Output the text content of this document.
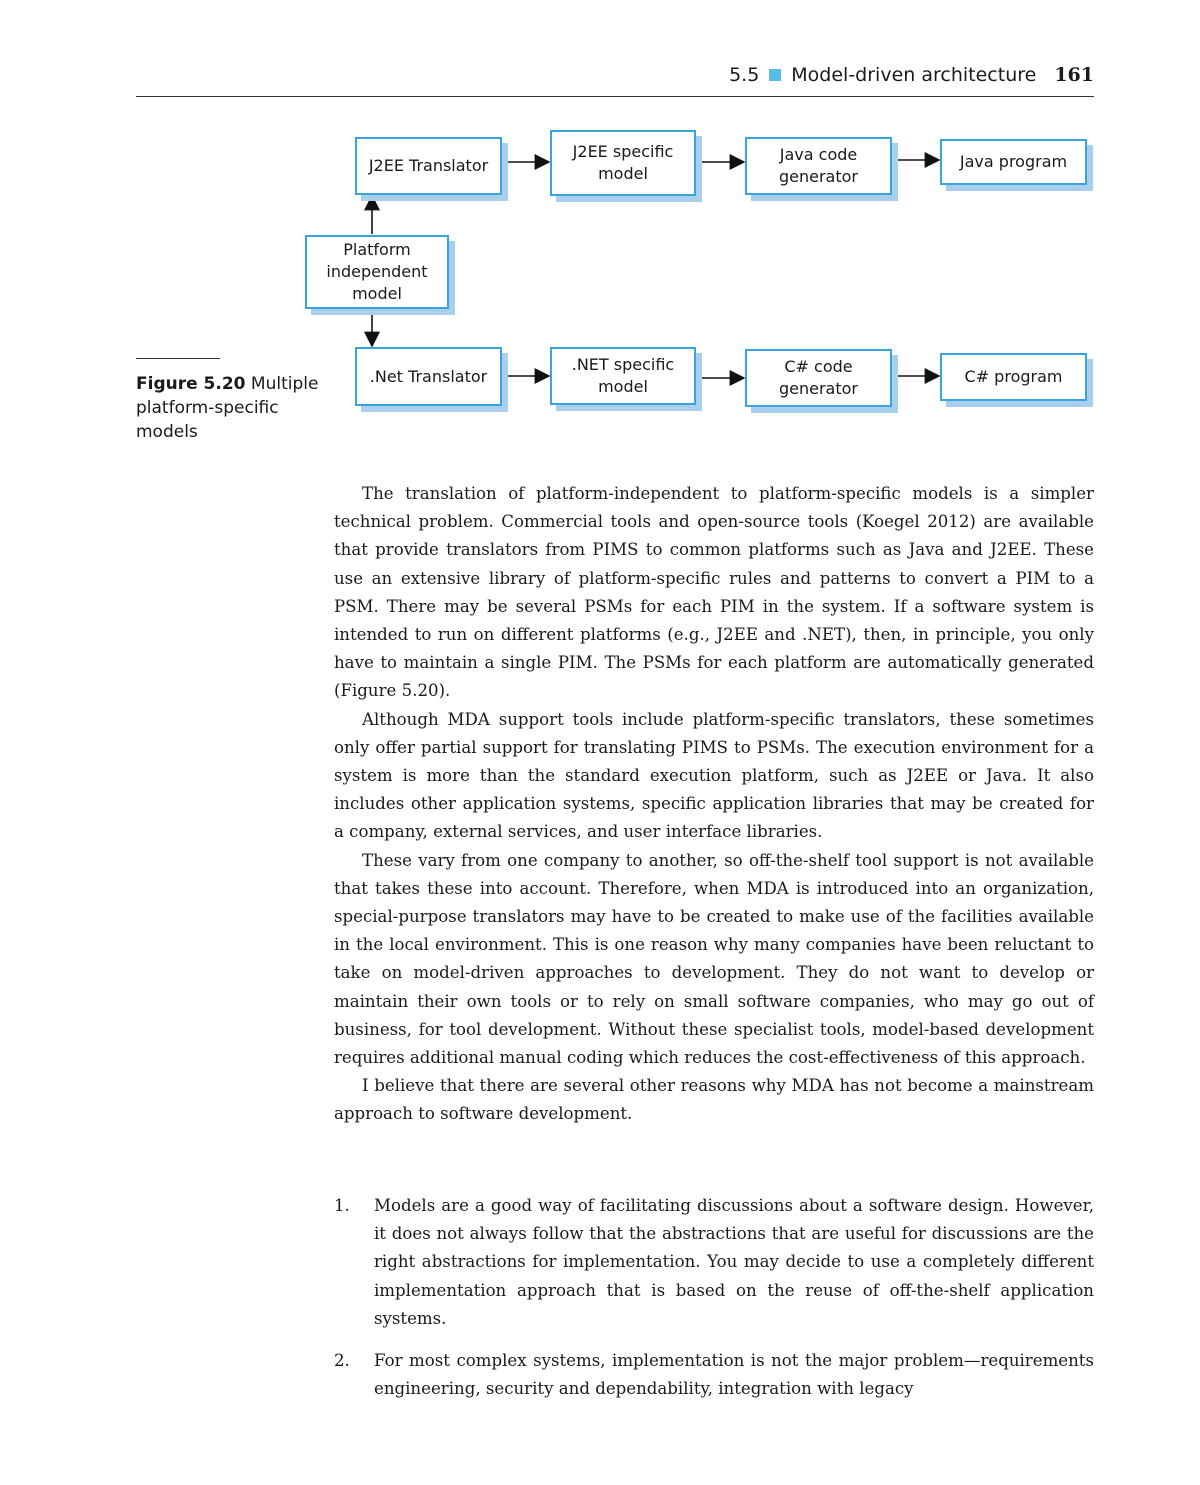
5.5 Model-driven architecture 161
J2EE Translator
J2EE specific
model
Java code
generator
Java program
Platform
independent
model
.Net Translator
.NET specific
model
C# code
generator
C# program
Figure 5.20 Multiple platform-specific models

The translation of platform-independent to platform-specific models is a simpler technical problem. Commercial tools and open-source tools (Koegel 2012) are available that provide translators from PIMS to common platforms such as Java and J2EE. These use an extensive library of platform-specific rules and patterns to convert a PIM to a PSM. There may be several PSMs for each PIM in the system. If a software system is intended to run on different platforms (e.g., J2EE and .NET), then, in principle, you only have to maintain a single PIM. The PSMs for each platform are automatically generated (Figure 5.20).

Although MDA support tools include platform-specific translators, these sometimes only offer partial support for translating PIMS to PSMs. The execution environment for a system is more than the standard execution platform, such as J2EE or Java. It also includes other application systems, specific application libraries that may be created for a company, external services, and user interface libraries.

These vary from one company to another, so off-the-shelf tool support is not available that takes these into account. Therefore, when MDA is introduced into an organization, special-purpose translators may have to be created to make use of the facilities available in the local environment. This is one reason why many companies have been reluctant to take on model-driven approaches to development. They do not want to develop or maintain their own tools or to rely on small software companies, who may go out of business, for tool development. Without these specialist tools, model-based development requires additional manual coding which reduces the cost-effectiveness of this approach.

I believe that there are several other reasons why MDA has not become a mainstream approach to software development.

1.	Models are a good way of facilitating discussions about a software design. However, it does not always follow that the abstractions that are useful for discussions are the right abstractions for implementation. You may decide to use a completely different implementation approach that is based on the reuse of off-the-shelf application systems.
2.	For most complex systems, implementation is not the major problem—requirements engineering, security and dependability, integration with legacy
